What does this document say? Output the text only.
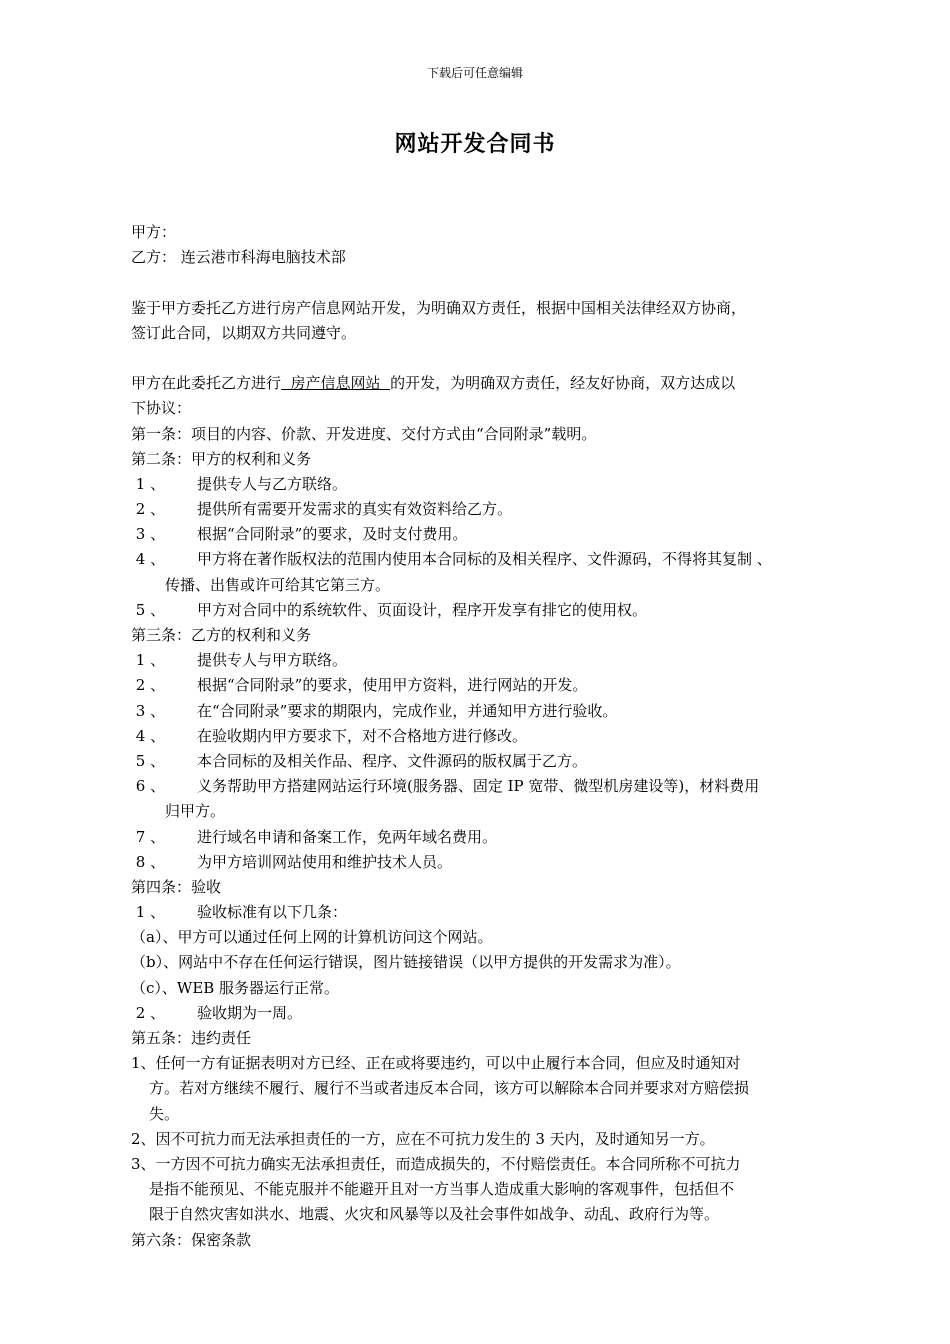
下载后可任意编辑
网站开发合同书
甲方：
乙方： 连云港市科海电脑技术部
鉴于甲方委托乙方进行房产信息网站开发，为明确双方责任，根据中国相关法律经双方协商，
签订此合同，以期双方共同遵守。
甲方在此委托乙方进行  房产信息网站  的开发，为明确双方责任，经友好协商，双方达成以
下协议：
第一条：项目的内容、价款、开发进度、交付方式由“合同附录”载明。
第二条：甲方的权利和义务
1 、 提供专人与乙方联络。
2 、 提供所有需要开发需求的真实有效资料给乙方。
3 、 根据“合同附录”的要求，及时支付费用。
4 、 甲方将在著作版权法的范围内使用本合同标的及相关程序、文件源码，不得将其复制 、
传播、出售或许可给其它第三方。
5 、 甲方对合同中的系统软件、页面设计，程序开发享有排它的使用权。
第三条：乙方的权利和义务
1 、 提供专人与甲方联络。
2 、 根据“合同附录”的要求，使用甲方资料，进行网站的开发。
3 、 在“合同附录”要求的期限内，完成作业，并通知甲方进行验收。
4 、 在验收期内甲方要求下，对不合格地方进行修改。
5 、 本合同标的及相关作品、程序、文件源码的版权属于乙方。
6 、 义务帮助甲方搭建网站运行环境(服务器、固定 IP 宽带、微型机房建设等)，材料费用
归甲方。
7 、 进行域名申请和备案工作，免两年域名费用。
8 、 为甲方培训网站使用和维护技术人员。
第四条：验收
1 、 验收标准有以下几条：
（a）、甲方可以通过任何上网的计算机访问这个网站。
（b）、网站中不存在任何运行错误，图片链接错误（以甲方提供的开发需求为准）。
（c）、WEB 服务器运行正常。
2 、 验收期为一周。
第五条：违约责任
1、任何一方有证据表明对方已经、正在或将要违约，可以中止履行本合同，但应及时通知对
方。若对方继续不履行、履行不当或者违反本合同，该方可以解除本合同并要求对方赔偿损
失。
2、因不可抗力而无法承担责任的一方，应在不可抗力发生的 3 天内，及时通知另一方。
3、一方因不可抗力确实无法承担责任，而造成损失的，不付赔偿责任。本合同所称不可抗力
是指不能预见、不能克服并不能避开且对一方当事人造成重大影响的客观事件，包括但不
限于自然灾害如洪水、地震、火灾和风暴等以及社会事件如战争、动乱、政府行为等。
第六条：保密条款
